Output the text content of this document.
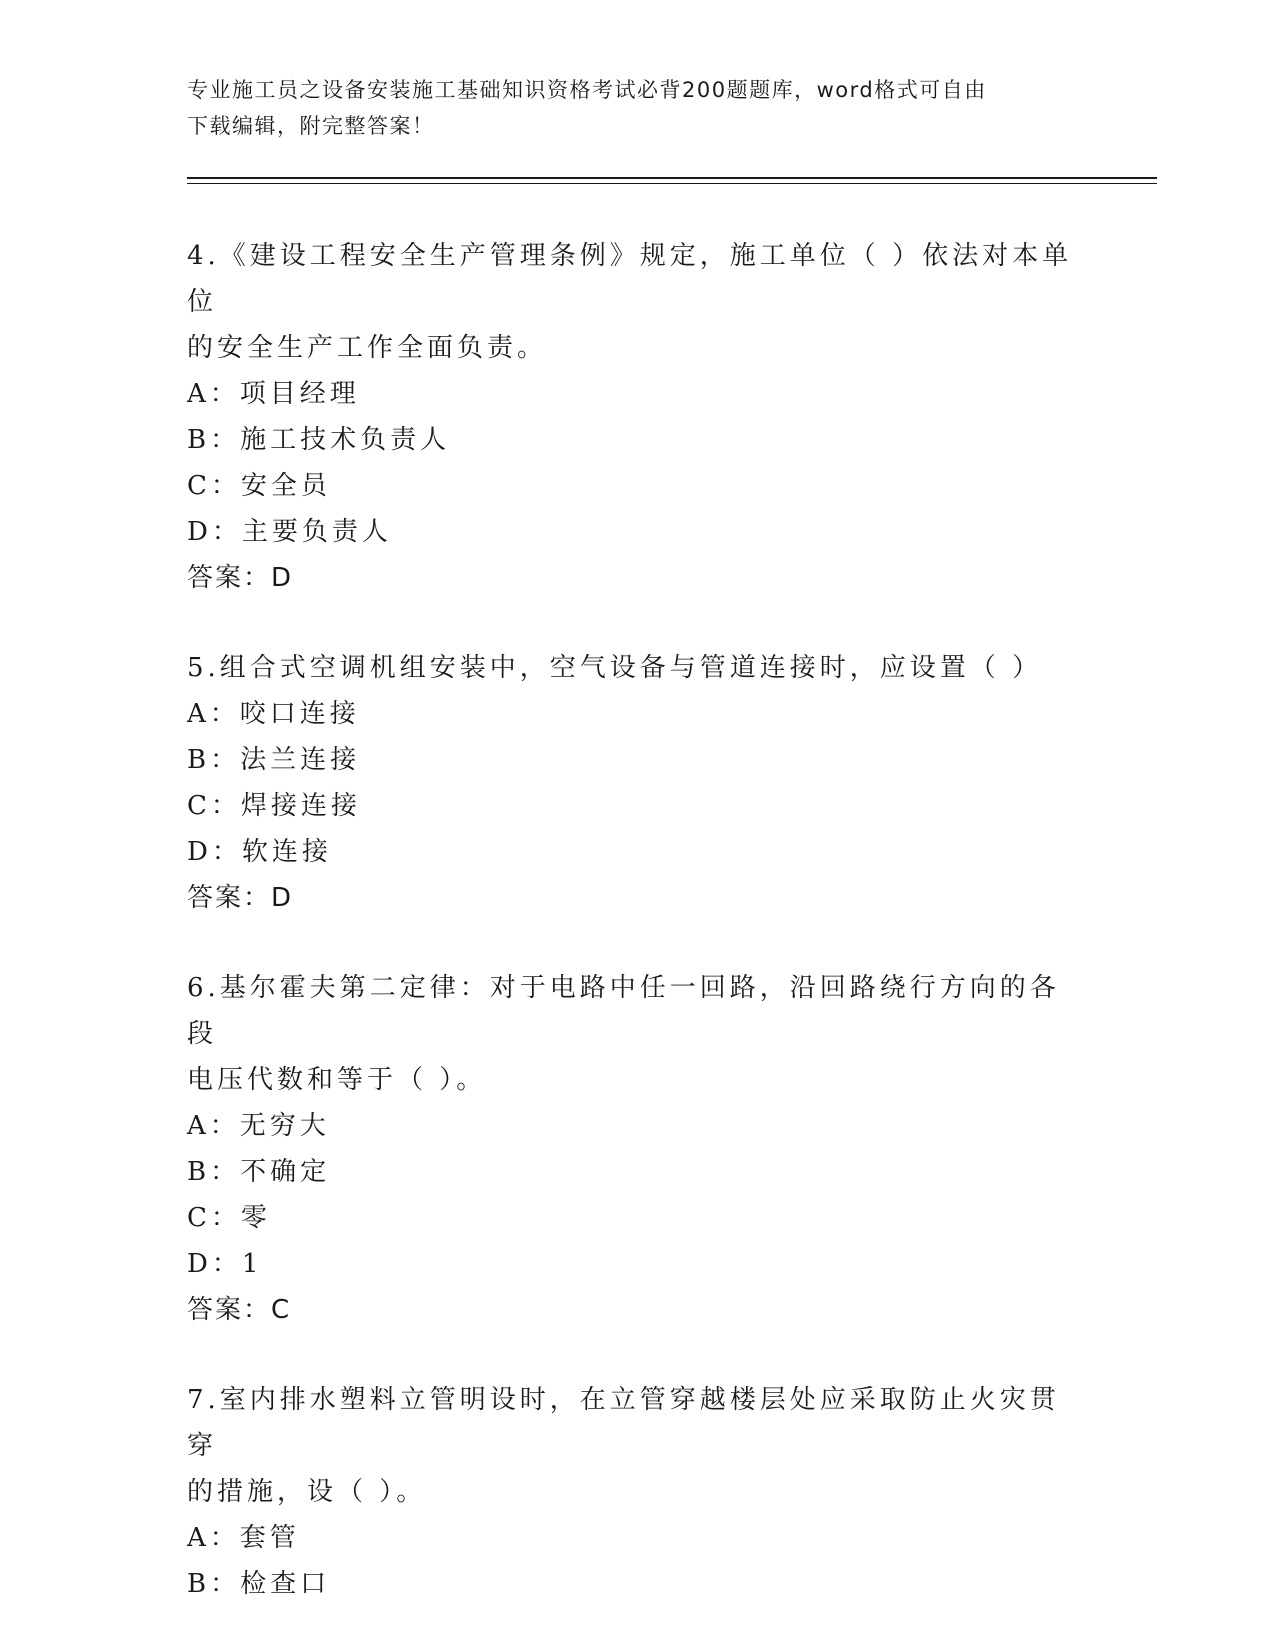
专业施工员之设备安装施工基础知识资格考试必背200题题库，word格式可自由
下载编辑，附完整答案！
4.《建设工程安全生产管理条例》规定，施工单位（ ）依法对本单位
的安全生产工作全面负责。
A：项目经理
B：施工技术负责人
C：安全员
D：主要负责人
答案：D
5.组合式空调机组安装中，空气设备与管道连接时，应设置（ ）
A：咬口连接
B：法兰连接
C：焊接连接
D：软连接
答案：D
6.基尔霍夫第二定律：对于电路中任一回路，沿回路绕行方向的各段
电压代数和等于（ ）。
A：无穷大
B：不确定
C：零
D：1
答案：C
7.室内排水塑料立管明设时，在立管穿越楼层处应采取防止火灾贯穿
的措施，设（ ）。
A：套管
B：检查口
